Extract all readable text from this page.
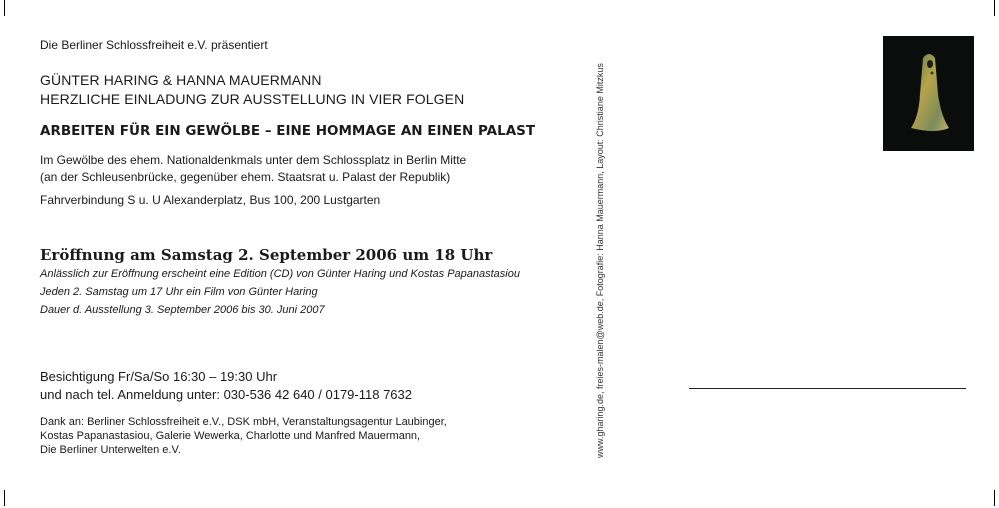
Die Berliner Schlossfreiheit e.V. präsentiert

GÜNTER HARING & HANNA MAUERMANN

HERZLICHE EINLADUNG ZUR AUSSTELLUNG IN VIER FOLGEN

ARBEITEN FÜR EIN GEWÖLBE – EINE HOMMAGE AN EINEN PALAST

Im Gewölbe des ehem. Nationaldenkmals unter dem Schlossplatz in Berlin Mitte

(an der Schleusenbrücke, gegenüber ehem. Staatsrat u. Palast der Republik)

Fahrverbindung S u. U Alexanderplatz, Bus 100, 200 Lustgarten

Eröffnung am Samstag 2. September 2006 um 18 Uhr

Anlässlich zur Eröffnung erscheint eine Edition (CD) von Günter Haring und Kostas Papanastasiou

Jeden 2. Samstag um 17 Uhr ein Film von Günter Haring

Dauer d. Ausstellung 3. September 2006 bis 30. Juni 2007

Besichtigung Fr/Sa/So 16:30 – 19:30 Uhr

und nach tel. Anmeldung unter: 030-536 42 640 / 0179-118 7632

Dank an: Berliner Schlossfreiheit e.V., DSK mbH, Veranstaltungsagentur Laubinger,

Kostas Papanastasiou, Galerie Wewerka, Charlotte und Manfred Mauermann,

Die Berliner Unterwelten e.V.	www.gharing.de, freies-malen@web.de, Fotografie: Hanna Mauermann, Layout: Christiane Mitzkus
